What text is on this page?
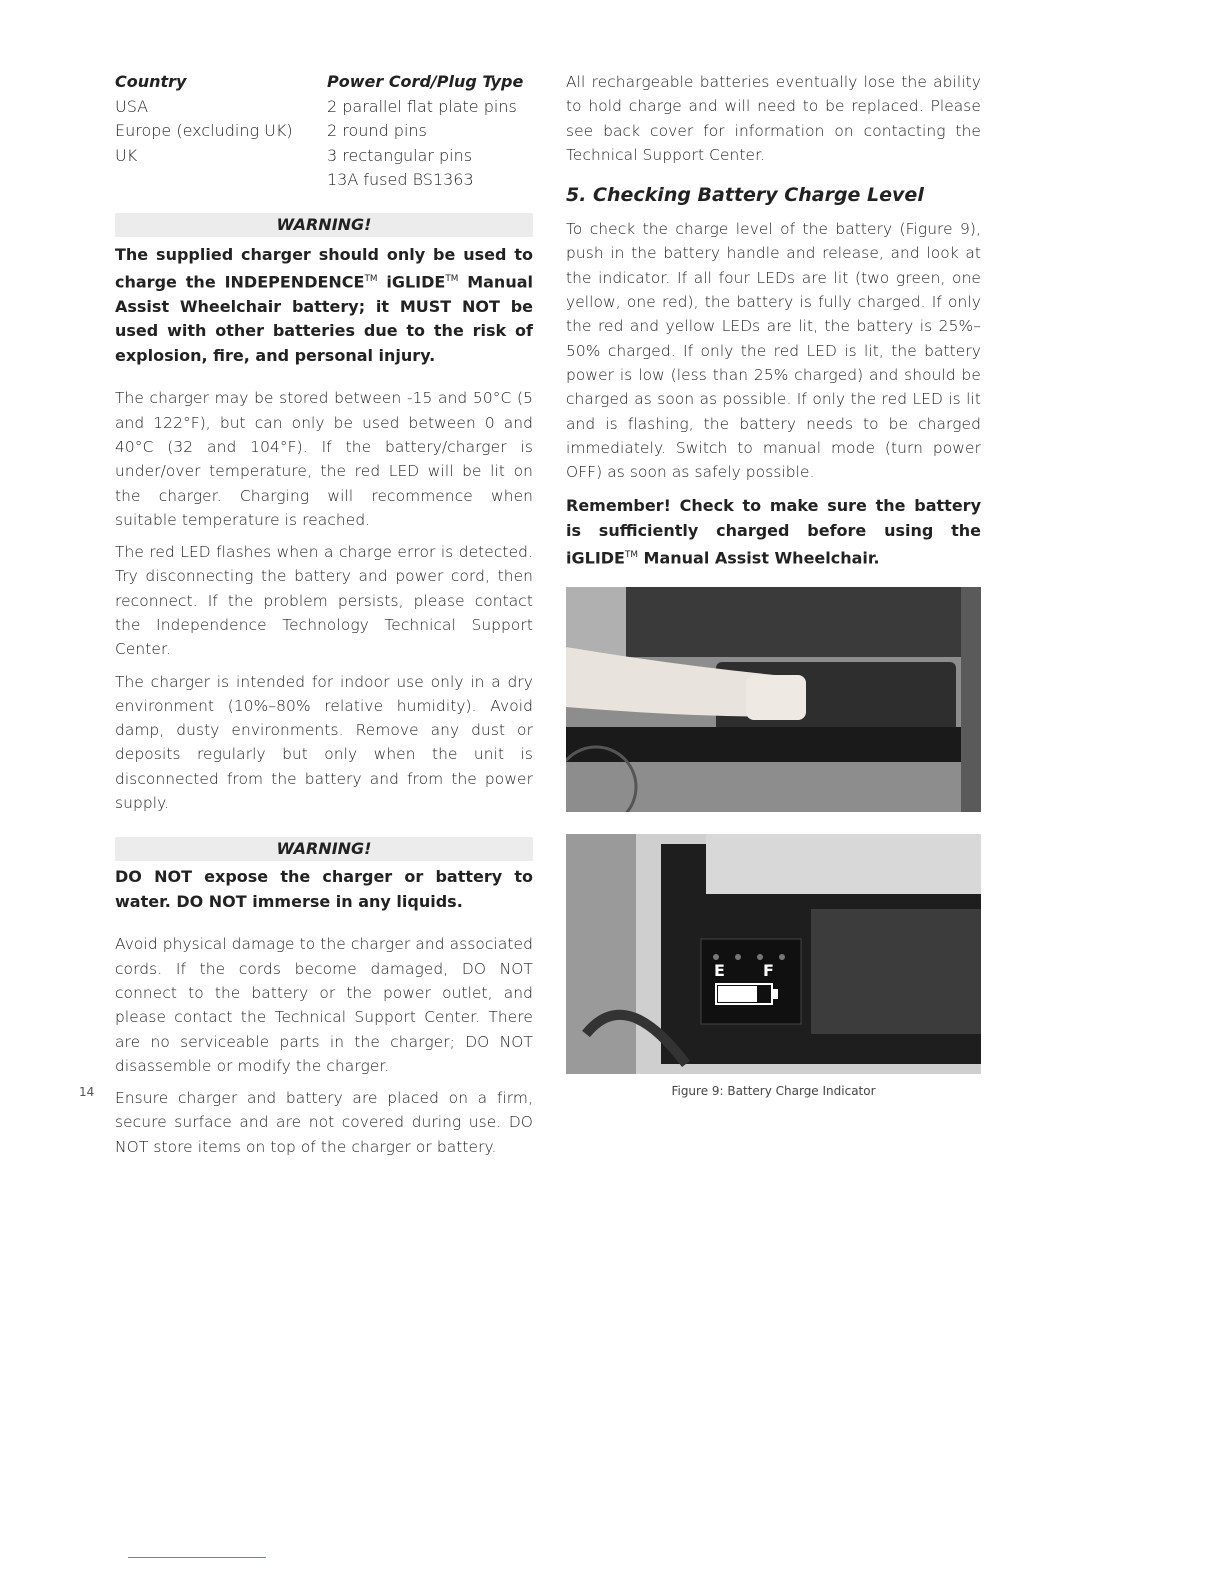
Country	Power Cord/Plug Type
USA	2 parallel flat plate pins
Europe (excluding UK)	2 round pins
UK	3 rectangular pins
13A fused BS1363
WARNING!

The supplied charger should only be used to charge the INDEPENDENCE™ iGLIDE™ Manual Assist Wheelchair battery; it MUST NOT be used with other batteries due to the risk of explosion, fire, and personal injury.

The charger may be stored between -15 and 50°C (5 and 122°F), but can only be used between 0 and 40°C (32 and 104°F). If the battery/charger is under/over temperature, the red LED will be lit on the charger. Charging will recommence when suitable temperature is reached.

The red LED flashes when a charge error is detected. Try disconnecting the battery and power cord, then reconnect. If the problem persists, please contact the Independence Technology Technical Support Center.

The charger is intended for indoor use only in a dry environment (10%–80% relative humidity). Avoid damp, dusty environments. Remove any dust or deposits regularly but only when the unit is disconnected from the battery and from the power supply.

WARNING!

DO NOT expose the charger or battery to water. DO NOT immerse in any liquids.

Avoid physical damage to the charger and associated cords. If the cords become damaged, DO NOT connect to the battery or the power outlet, and please contact the Technical Support Center. There are no serviceable parts in the charger; DO NOT disassemble or modify the charger.

Ensure charger and battery are placed on a firm, secure surface and are not covered during use. DO NOT store items on top of the charger or battery.

All rechargeable batteries eventually lose the ability to hold charge and will need to be replaced. Please see back cover for information on contacting the Technical Support Center.

5. Checking Battery Charge Level

To check the charge level of the battery (Figure 9), push in the battery handle and release, and look at the indicator. If all four LEDs are lit (two green, one yellow, one red), the battery is fully charged. If only the red and yellow LEDs are lit, the battery is 25%–50% charged. If only the red LED is lit, the battery power is low (less than 25% charged) and should be charged as soon as possible. If only the red LED is lit and is flashing, the battery needs to be charged immediately. Switch to manual mode (turn power OFF) as soon as safely possible.

Remember! Check to make sure the battery is sufficiently charged before using the iGLIDE™ Manual Assist Wheelchair.

E F
Figure 9: Battery Charge Indicator
14
